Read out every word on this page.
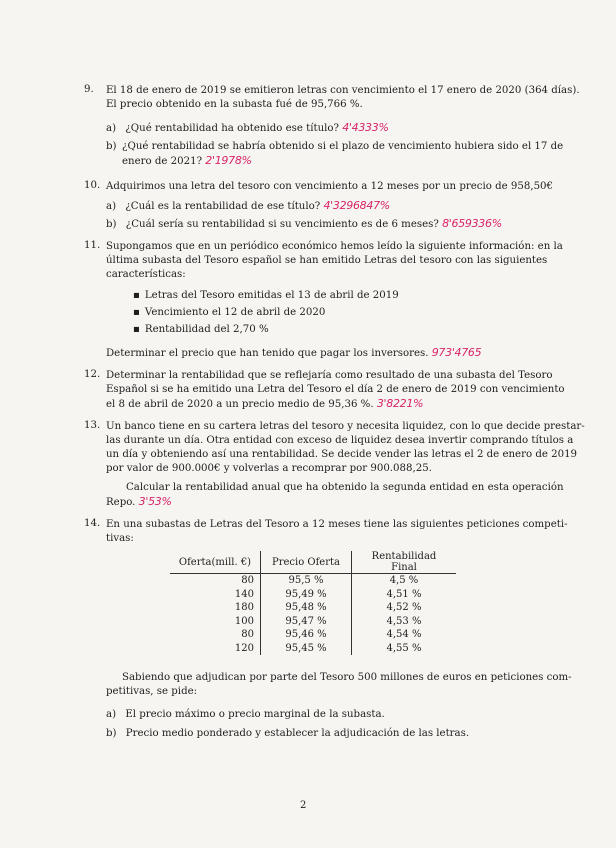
9. El 18 de enero de 2019 se emitieron letras con vencimiento el 17 enero de 2020 (364 días).
El precio obtenido en la subasta fué de 95,766 %.
a) ¿Qué rentabilidad ha obtenido ese título? 4'4333%
b) ¿Qué rentabilidad se habría obtenido si el plazo de vencimiento hubiera sido el 17 de
enero de 2021? 2'1978%
10. Adquirimos una letra del tesoro con vencimiento a 12 meses por un precio de 958,50€
a) ¿Cuál es la rentabilidad de ese título? 4'3296847%
b) ¿Cuál sería su rentabilidad si su vencimiento es de 6 meses? 8'659336%
11. Supongamos que en un periódico económico hemos leído la siguiente información: en la
última subasta del Tesoro español se han emitido Letras del tesoro con las siguientes
características:
▪ Letras del Tesoro emitidas el 13 de abril de 2019
▪ Vencimiento el 12 de abril de 2020
▪ Rentabilidad del 2,70 %
Determinar el precio que han tenido que pagar los inversores. 973'4765
12. Determinar la rentabilidad que se reflejaría como resultado de una subasta del Tesoro
Español si se ha emitido una Letra del Tesoro el día 2 de enero de 2019 con vencimiento
el 8 de abril de 2020 a un precio medio de 95,36 %. 3'8221%
13. Un banco tiene en su cartera letras del tesoro y necesita liquidez, con lo que decide prestar-
las durante un día. Otra entidad con exceso de liquidez desea invertir comprando títulos a
un día y obteniendo así una rentabilidad. Se decide vender las letras el 2 de enero de 2019
por valor de 900.000€ y volverlas a recomprar por 900.088,25.
Calcular la rentabilidad anual que ha obtenido la segunda entidad en esta operación
Repo. 3'53%
14. En una subastas de Letras del Tesoro a 12 meses tiene las siguientes peticiones competi-
tivas:
Oferta(mill. €)	Precio Oferta	Rentabilidad Final
80	95,5 %	4,5 %
140	95,49 %	4,51 %
180	95,48 %	4,52 %
100	95,47 %	4,53 %
80	95,46 %	4,54 %
120	95,45 %	4,55 %
Sabiendo que adjudican por parte del Tesoro 500 millones de euros en peticiones com-
petitivas, se pide:
a) El precio máximo o precio marginal de la subasta.
b) Precio medio ponderado y establecer la adjudicación de las letras.
2
